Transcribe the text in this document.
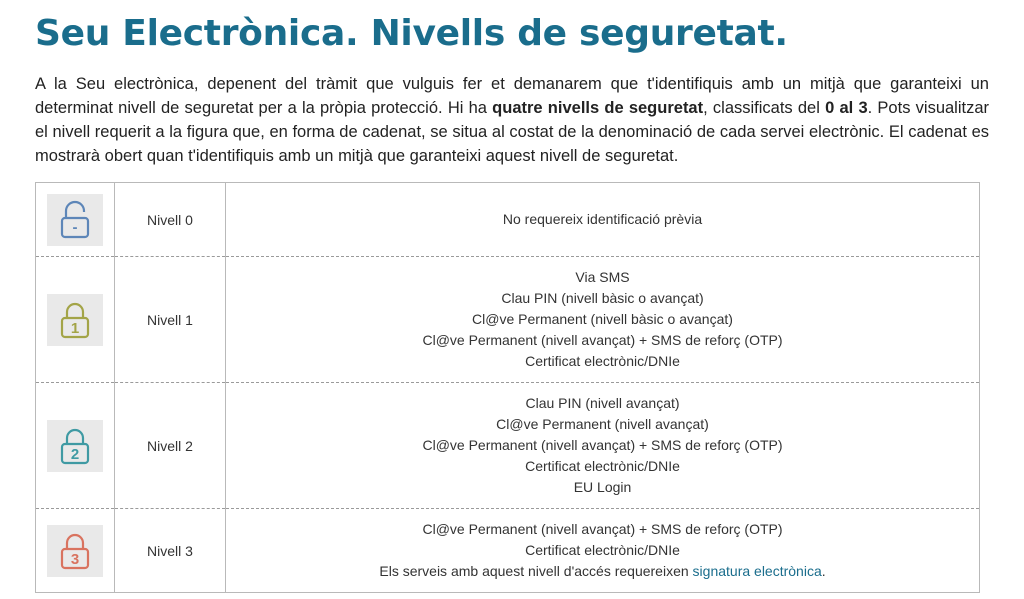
Seu Electrònica. Nivells de seguretat.

A la Seu electrònica, depenent del tràmit que vulguis fer et demanarem que t'identifiquis amb un mitjà que garanteixi un determinat nivell de seguretat per a la pròpia protecció. Hi ha quatre nivells de seguretat, classificats del 0 al 3. Pots visualitzar el nivell requerit a la figura que, en forma de cadenat, se situa al costat de la denominació de cada servei electrònic. El cadenat es mostrarà obert quan t'identifiquis amb un mitjà que garanteixi aquest nivell de seguretat.

-	Nivell 0	No requereix identificació prèvia

1	Nivell 1	Via SMS
Clau PIN (nivell bàsic o avançat)
Cl@ve Permanent (nivell bàsic o avançat)
Cl@ve Permanent (nivell avançat) + SMS de reforç (OTP)
Certificat electrònic/DNIe

2	Nivell 2	Clau PIN (nivell avançat)
Cl@ve Permanent (nivell avançat)
Cl@ve Permanent (nivell avançat) + SMS de reforç (OTP)
Certificat electrònic/DNIe
EU Login

3	Nivell 3	Cl@ve Permanent (nivell avançat) + SMS de reforç (OTP)
Certificat electrònic/DNIe
Els serveis amb aquest nivell d'accés requereixen signatura electrònica.
